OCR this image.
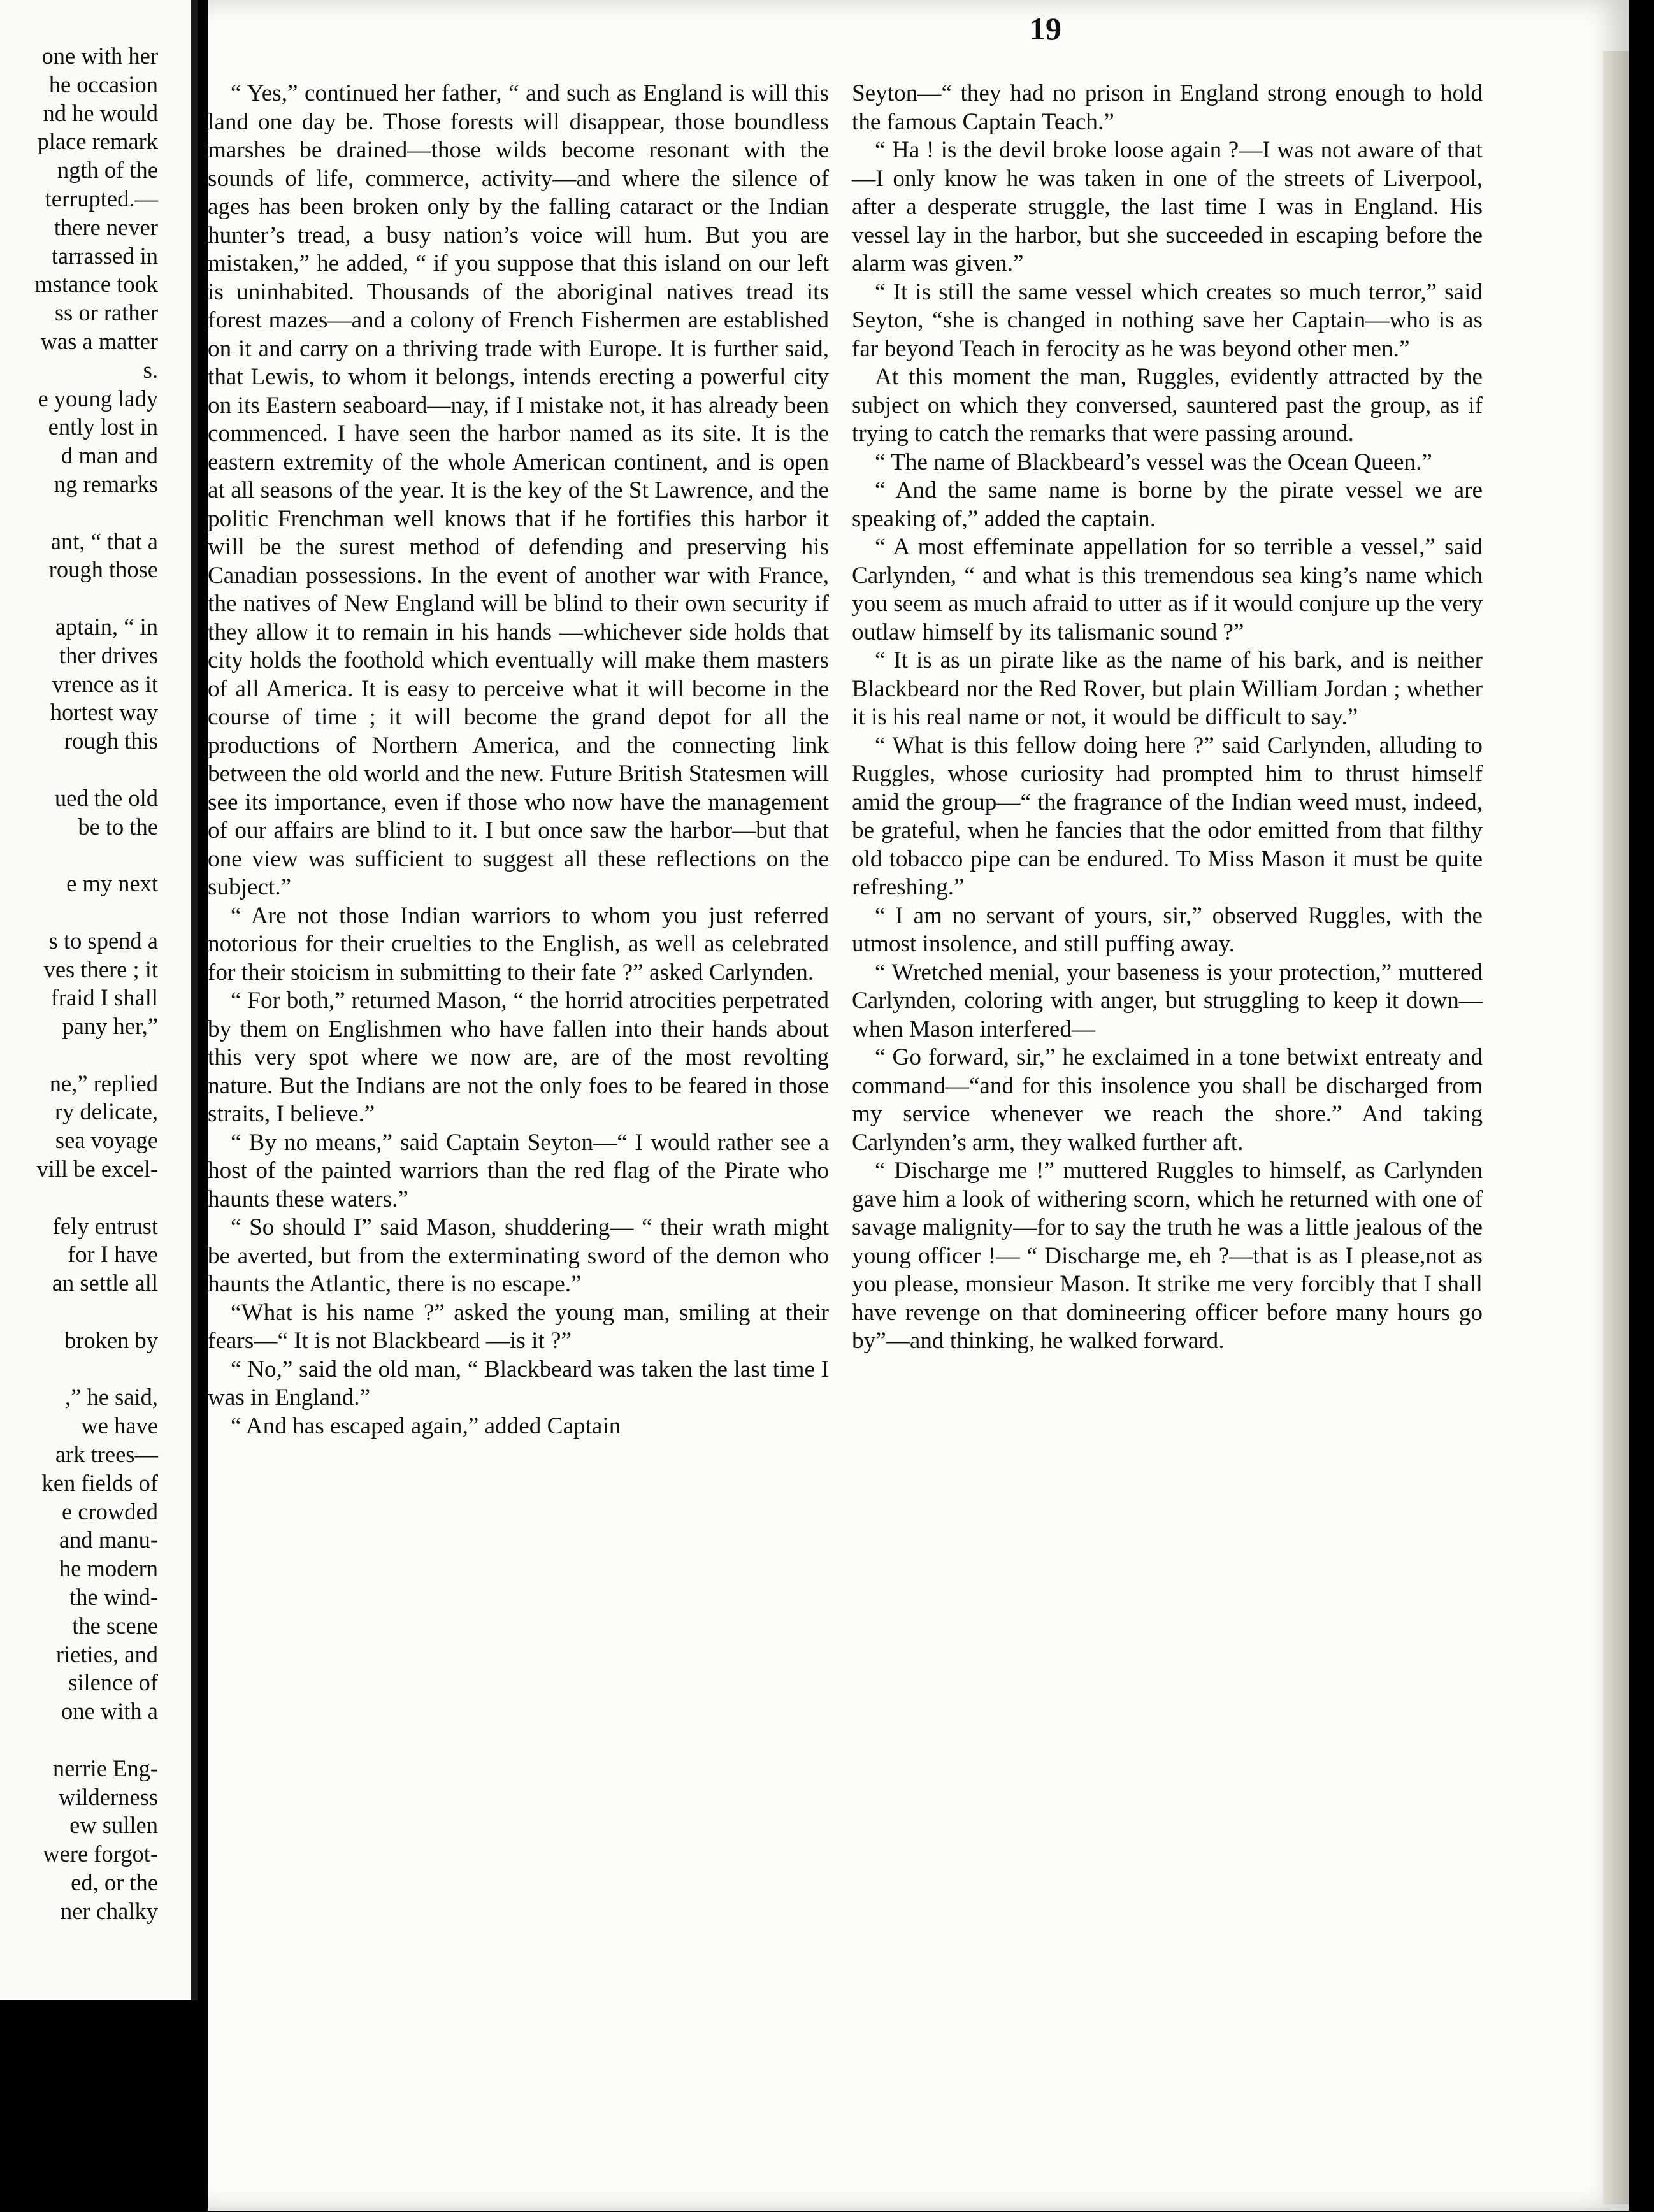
one with her

he occasion

nd he would

place remark

ngth of the

terrupted.—

there never

tarrassed in

mstance took

ss or rather

was a matter

s.

e young lady

ently lost in

d man and

ng remarks

ant, “ that a

rough those

aptain, “ in

ther drives

vrence as it

hortest way

rough this

ued the old

be to the

e my next

s to spend a

ves there ; it

fraid I shall

pany her,”

ne,” replied

ry delicate,

sea voyage

vill be excel-

fely entrust

for I have

an settle all

broken by

,” he said,

we have

ark trees—

ken fields of

e crowded

and manu-

he modern

the wind-

the scene

rieties, and

silence of

one with a

nerrie Eng-

wilderness

ew sullen

were forgot-

ed, or the

ner chalky

19

“ Yes,” continued her father, “ and such as England is will this land one day be. Those forests will disappear, those boundless marshes be drained—those wilds become resonant with the sounds of life, commerce, activity—and where the silence of ages has been broken only by the falling cataract or the Indian hunter’s tread, a busy nation’s voice will hum. But you are mistaken,” he added, “ if you suppose that this island on our left is uninhabited. Thousands of the aboriginal natives tread its forest mazes—and a colony of French Fishermen are established on it and carry on a thriving trade with Europe. It is further said, that Lewis, to whom it belongs, intends erecting a powerful city on its Eastern seaboard—nay, if I mistake not, it has already been commenced. I have seen the harbor named as its site. It is the eastern extremity of the whole American continent, and is open at all seasons of the year. It is the key of the St Lawrence, and the politic Frenchman well knows that if he fortifies this harbor it will be the surest method of defending and preserving his Canadian possessions. In the event of another war with France, the natives of New England will be blind to their own security if they allow it to remain in his hands —whichever side holds that city holds the foothold which eventually will make them masters of all America. It is easy to perceive what it will become in the course of time ; it will become the grand depot for all the productions of Northern America, and the connecting link between the old world and the new. Future British Statesmen will see its importance, even if those who now have the management of our affairs are blind to it. I but once saw the harbor—but that one view was sufficient to suggest all these reflections on the subject.”

“ Are not those Indian warriors to whom you just referred notorious for their cruelties to the English, as well as celebrated for their stoicism in submitting to their fate ?” asked Carlynden.

“ For both,” returned Mason, “ the horrid atrocities perpetrated by them on Englishmen who have fallen into their hands about this very spot where we now are, are of the most revolting nature. But the Indians are not the only foes to be feared in those straits, I believe.”

“ By no means,” said Captain Seyton—“ I would rather see a host of the painted warriors than the red flag of the Pirate who haunts these waters.”

“ So should I” said Mason, shuddering— “ their wrath might be averted, but from the exterminating sword of the demon who haunts the Atlantic, there is no escape.”

“What is his name ?” asked the young man, smiling at their fears—“ It is not Blackbeard —is it ?”

“ No,” said the old man, “ Blackbeard was taken the last time I was in England.”

“ And has escaped again,” added Captain

Seyton—“ they had no prison in England strong enough to hold the famous Captain Teach.”

“ Ha ! is the devil broke loose again ?—I was not aware of that—I only know he was taken in one of the streets of Liverpool, after a desperate struggle, the last time I was in England. His vessel lay in the harbor, but she succeeded in escaping before the alarm was given.”

“ It is still the same vessel which creates so much terror,” said Seyton, “she is changed in nothing save her Captain—who is as far beyond Teach in ferocity as he was beyond other men.”

At this moment the man, Ruggles, evidently attracted by the subject on which they conversed, sauntered past the group, as if trying to catch the remarks that were passing around.

“ The name of Blackbeard’s vessel was the Ocean Queen.”

“ And the same name is borne by the pirate vessel we are speaking of,” added the captain.

“ A most effeminate appellation for so terrible a vessel,” said Carlynden, “ and what is this tremendous sea king’s name which you seem as much afraid to utter as if it would conjure up the very outlaw himself by its talismanic sound ?”

“ It is as un pirate like as the name of his bark, and is neither Blackbeard nor the Red Rover, but plain William Jordan ; whether it is his real name or not, it would be difficult to say.”

“ What is this fellow doing here ?” said Carlynden, alluding to Ruggles, whose curiosity had prompted him to thrust himself amid the group—“ the fragrance of the Indian weed must, indeed, be grateful, when he fancies that the odor emitted from that filthy old tobacco pipe can be endured. To Miss Mason it must be quite refreshing.”

“ I am no servant of yours, sir,” observed Ruggles, with the utmost insolence, and still puffing away.

“ Wretched menial, your baseness is your protection,” muttered Carlynden, coloring with anger, but struggling to keep it down— when Mason interfered—

“ Go forward, sir,” he exclaimed in a tone betwixt entreaty and command—“and for this insolence you shall be discharged from my service whenever we reach the shore.” And taking Carlynden’s arm, they walked further aft.

“ Discharge me !” muttered Ruggles to himself, as Carlynden gave him a look of withering scorn, which he returned with one of savage malignity—for to say the truth he was a little jealous of the young officer !— “ Discharge me, eh ?—that is as I please,not as you please, monsieur Mason. It strike me very forcibly that I shall have revenge on that domineering officer before many hours go by”—and thinking, he walked forward.
